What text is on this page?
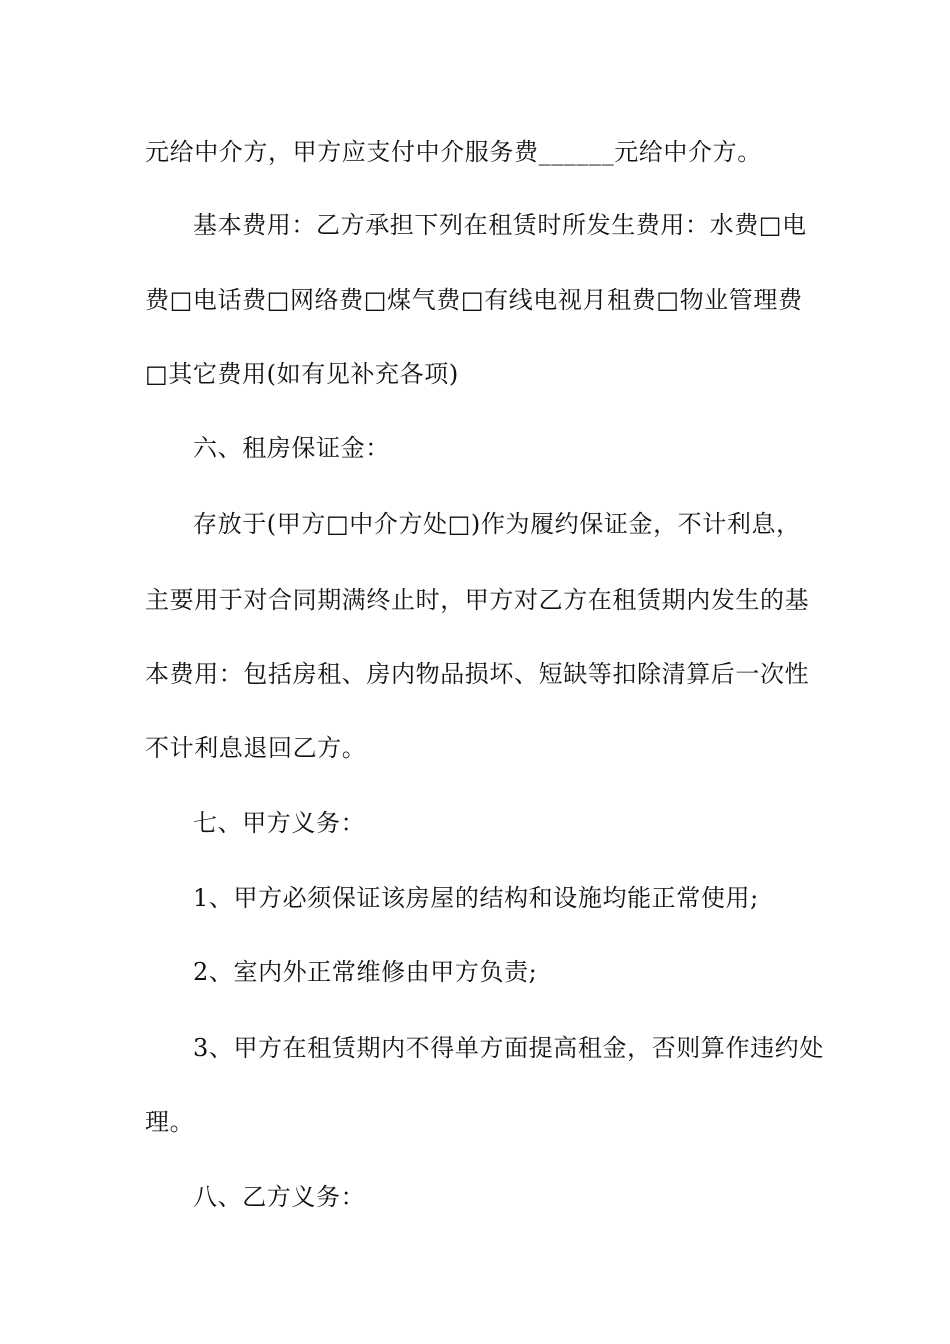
元给中介方，甲方应支付中介服务费______元给中介方。
基本费用：乙方承担下列在租赁时所发生费用：水费□电
费□电话费□网络费□煤气费□有线电视月租费□物业管理费
□其它费用(如有见补充各项)
六、租房保证金：
存放于(甲方□中介方处□)作为履约保证金，不计利息，
主要用于对合同期满终止时，甲方对乙方在租赁期内发生的基
本费用：包括房租、房内物品损坏、短缺等扣除清算后一次性
不计利息退回乙方。
七、甲方义务：
1、甲方必须保证该房屋的结构和设施均能正常使用;
2、室内外正常维修由甲方负责;
3、甲方在租赁期内不得单方面提高租金，否则算作违约处
理。
八、乙方义务：
